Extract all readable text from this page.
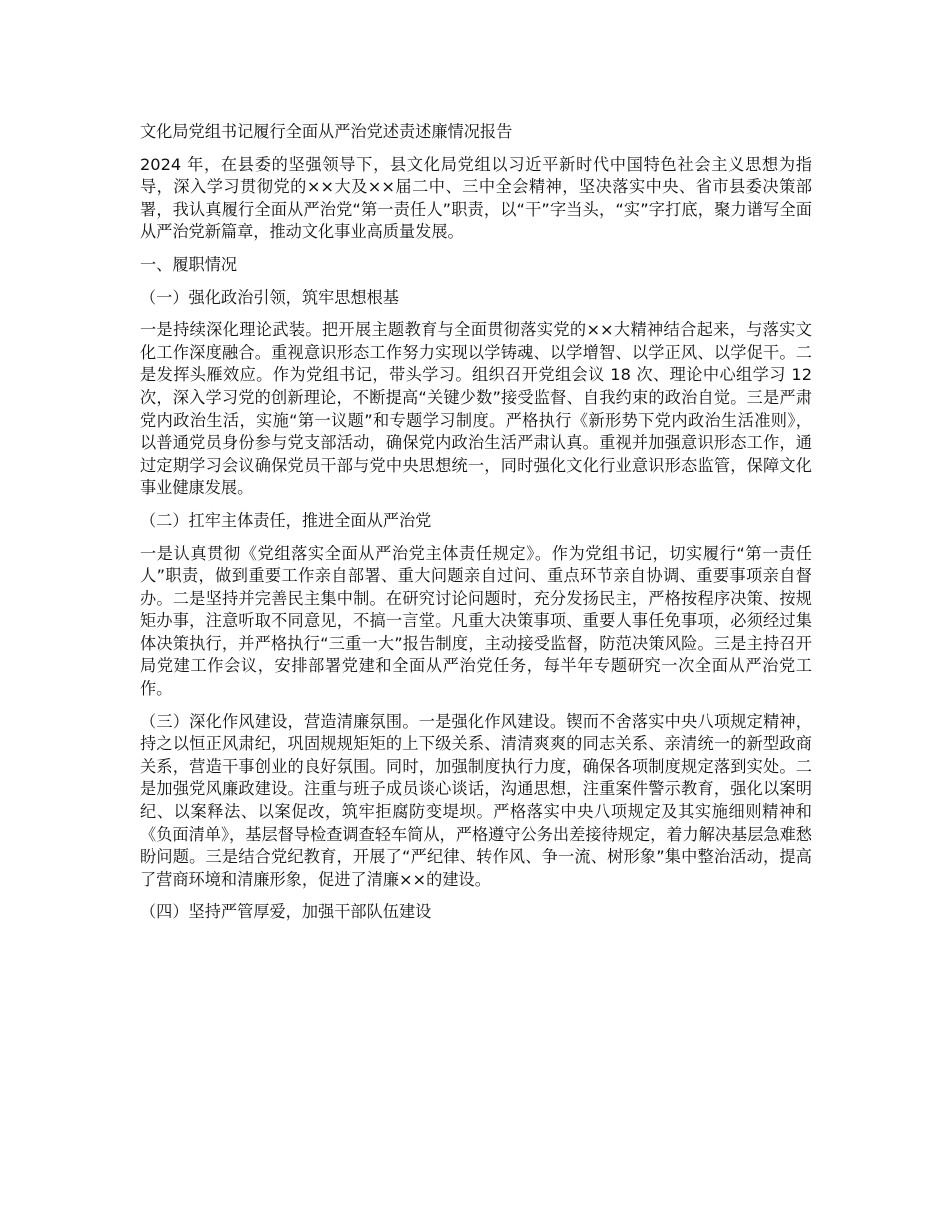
文化局党组书记履行全面从严治党述责述廉情况报告

2024 年，在县委的坚强领导下，县文化局党组以习近平新时代中国特色社会主义思想为指导，深入学习贯彻党的××大及××届二中、三中全会精神，坚决落实中央、省市县委决策部署，我认真履行全面从严治党“第一责任人”职责，以“干”字当头，“实”字打底，聚力谱写全面从严治党新篇章，推动文化事业高质量发展。

一、履职情况

（一）强化政治引领，筑牢思想根基

一是持续深化理论武装。把开展主题教育与全面贯彻落实党的××大精神结合起来，与落实文化工作深度融合。重视意识形态工作努力实现以学铸魂、以学增智、以学正风、以学促干。二是发挥头雁效应。作为党组书记，带头学习。组织召开党组会议 18 次、理论中心组学习 12 次，深入学习党的创新理论，不断提高“关键少数”接受监督、自我约束的政治自觉。三是严肃党内政治生活，实施“第一议题”和专题学习制度。严格执行《新形势下党内政治生活准则》，以普通党员身份参与党支部活动，确保党内政治生活严肃认真。重视并加强意识形态工作，通过定期学习会议确保党员干部与党中央思想统一，同时强化文化行业意识形态监管，保障文化事业健康发展。

（二）扛牢主体责任，推进全面从严治党

一是认真贯彻《党组落实全面从严治党主体责任规定》。作为党组书记，切实履行“第一责任人”职责，做到重要工作亲自部署、重大问题亲自过问、重点环节亲自协调、重要事项亲自督办。二是坚持并完善民主集中制。在研究讨论问题时，充分发扬民主，严格按程序决策、按规矩办事，注意听取不同意见，不搞一言堂。凡重大决策事项、重要人事任免事项，必须经过集体决策执行，并严格执行“三重一大”报告制度，主动接受监督，防范决策风险。三是主持召开局党建工作会议，安排部署党建和全面从严治党任务，每半年专题研究一次全面从严治党工作。

（三）深化作风建设，营造清廉氛围。一是强化作风建设。锲而不舍落实中央八项规定精神，持之以恒正风肃纪，巩固规规矩矩的上下级关系、清清爽爽的同志关系、亲清统一的新型政商关系，营造干事创业的良好氛围。同时，加强制度执行力度，确保各项制度规定落到实处。二是加强党风廉政建设。注重与班子成员谈心谈话，沟通思想，注重案件警示教育，强化以案明纪、以案释法、以案促改，筑牢拒腐防变堤坝。严格落实中央八项规定及其实施细则精神和《负面清单》，基层督导检查调查轻车简从，严格遵守公务出差接待规定，着力解决基层急难愁盼问题。三是结合党纪教育，开展了“严纪律、转作风、争一流、树形象”集中整治活动，提高了营商环境和清廉形象，促进了清廉××的建设。

（四）坚持严管厚爱，加强干部队伍建设
